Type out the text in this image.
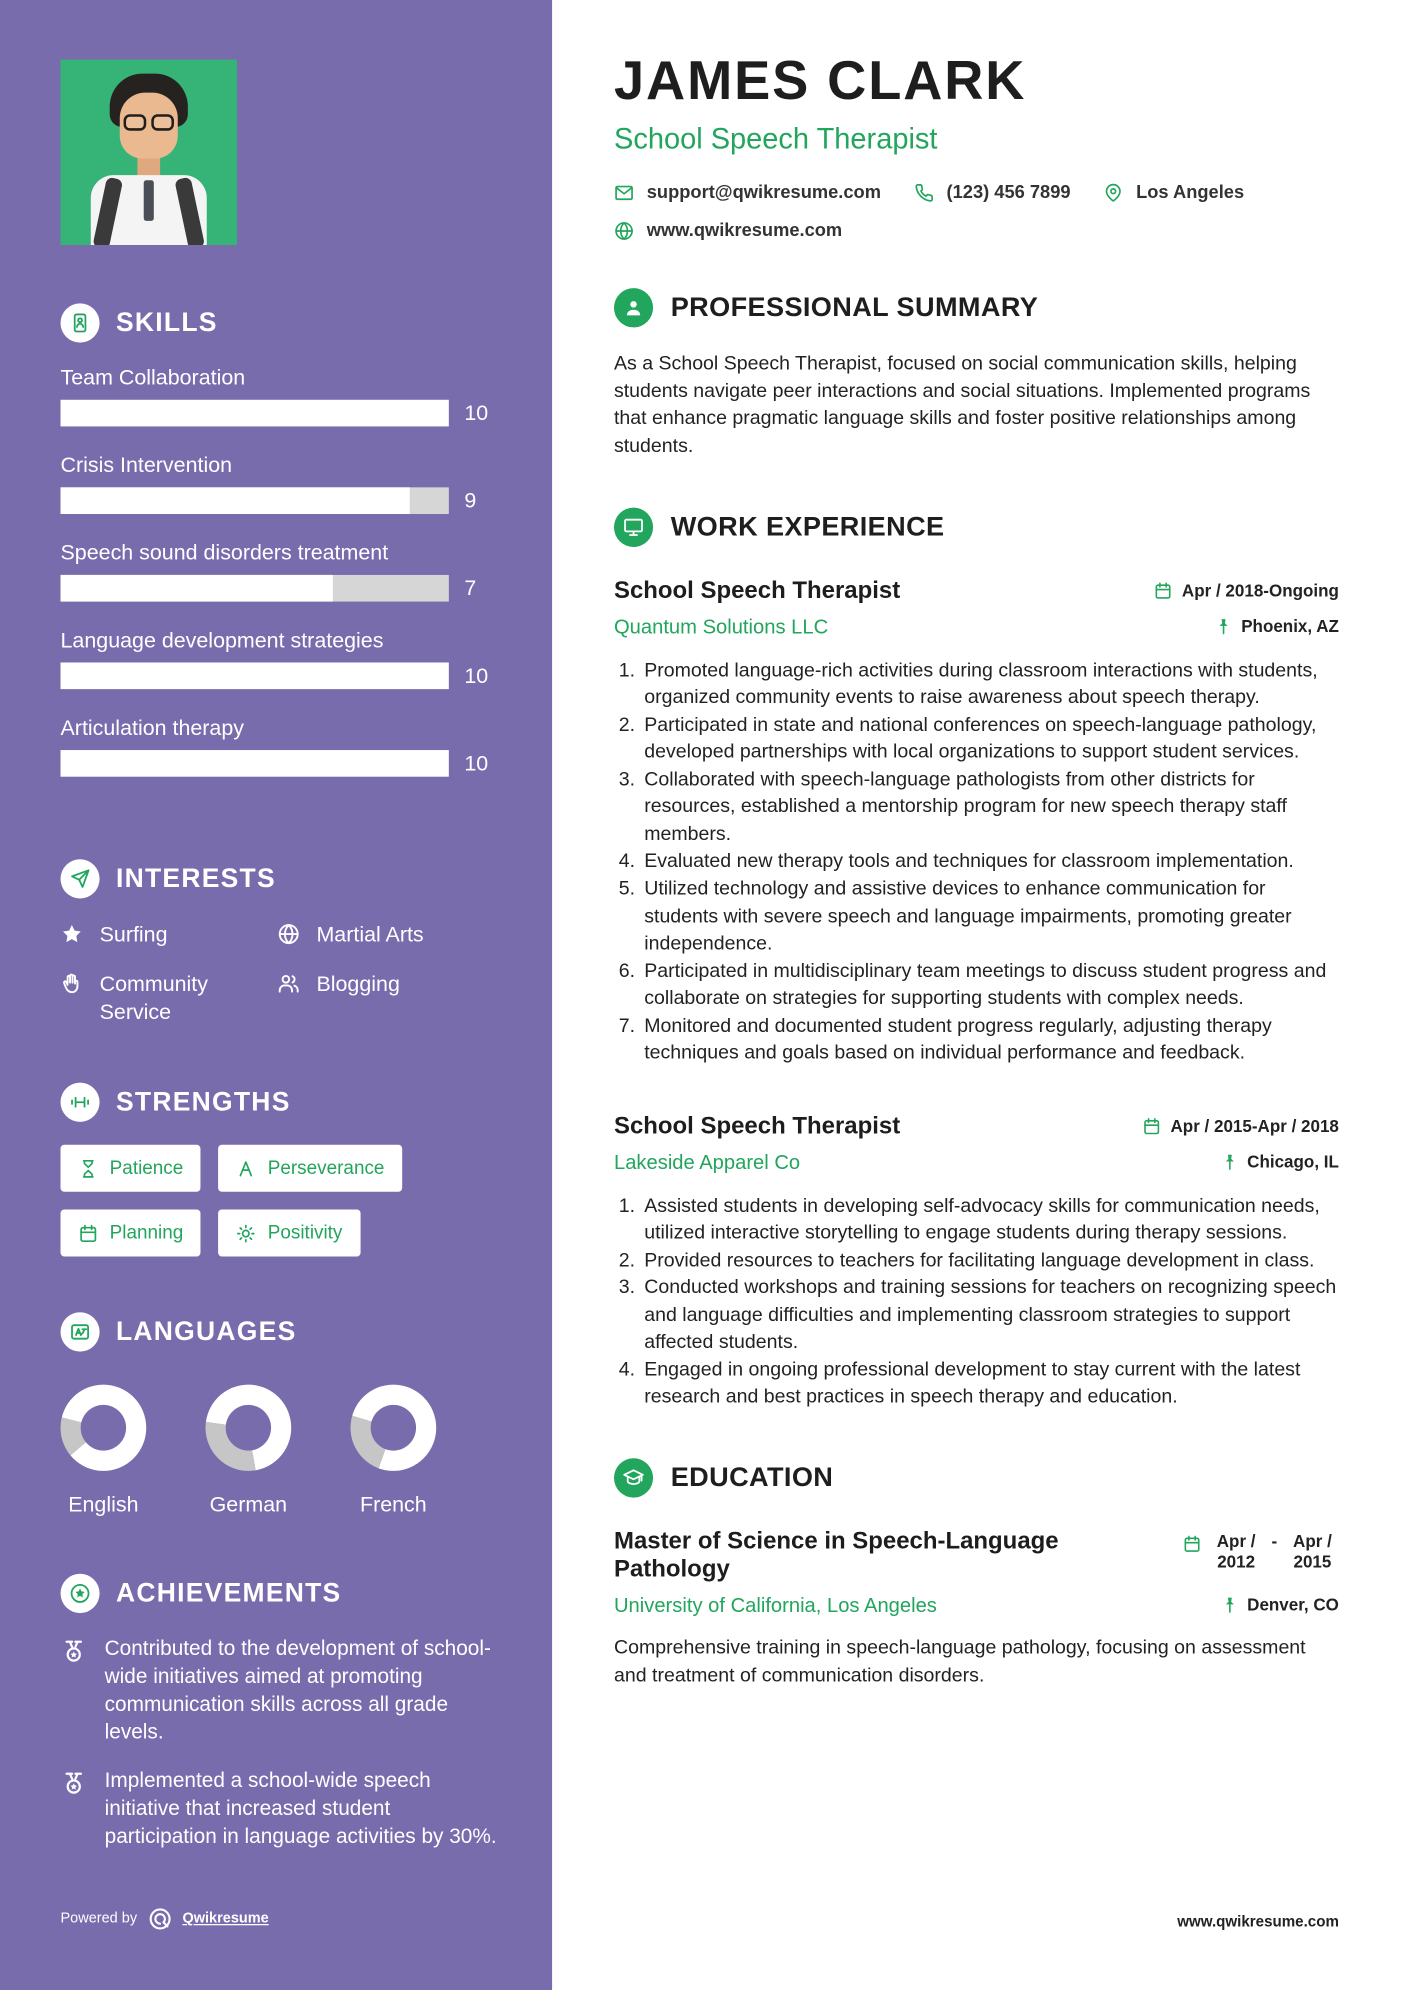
SKILLS
Team Collaboration
10
Crisis Intervention
9
Speech sound disorders treatment
7
Language development strategies
10
Articulation therapy
10
INTERESTS
Surfing	Martial Arts
Community Service
Blogging
STRENGTHS
Patience	Perseverance
Planning	Positivity
LANGUAGES
English	German	French
ACHIEVEMENTS
Contributed to the development of school-wide initiatives aimed at promoting communication skills across all grade levels.
Implemented a school-wide speech initiative that increased student participation in language activities by 30%.
Powered by	Qwikresume
JAMES CLARK
School Speech Therapist
support@qwikresume.com	(123) 456 7899	Los Angeles
www.qwikresume.com
PROFESSIONAL SUMMARY

As a School Speech Therapist, focused on social communication skills, helping students navigate peer interactions and social situations. Implemented programs that enhance pragmatic language skills and foster positive relationships among students.

WORK EXPERIENCE
School Speech Therapist	Apr / 2018-Ongoing
Quantum Solutions LLC	Phoenix, AZ
1. Promoted language-rich activities during classroom interactions with students, organized community events to raise awareness about speech therapy.
2. Participated in state and national conferences on speech-language pathology, developed partnerships with local organizations to support student services.
3. Collaborated with speech-language pathologists from other districts for resources, established a mentorship program for new speech therapy staff members.
4. Evaluated new therapy tools and techniques for classroom implementation.
5. Utilized technology and assistive devices to enhance communication for students with severe speech and language impairments, promoting greater independence.
6. Participated in multidisciplinary team meetings to discuss student progress and collaborate on strategies for supporting students with complex needs.
7. Monitored and documented student progress regularly, adjusting therapy techniques and goals based on individual performance and feedback.
School Speech Therapist	Apr / 2015-Apr / 2018
Lakeside Apparel Co	Chicago, IL
1. Assisted students in developing self-advocacy skills for communication needs, utilized interactive storytelling to engage students during therapy sessions.
2. Provided resources to teachers for facilitating language development in class.
3. Conducted workshops and training sessions for teachers on recognizing speech and language difficulties and implementing classroom strategies to support affected students.
4. Engaged in ongoing professional development to stay current with the latest research and best practices in speech therapy and education.
EDUCATION
Master of Science in Speech-Language Pathology
Apr / 2012
-	Apr / 2015
University of California, Los Angeles	Denver, CO

Comprehensive training in speech-language pathology, focusing on assessment and treatment of communication disorders.

www.qwikresume.com
